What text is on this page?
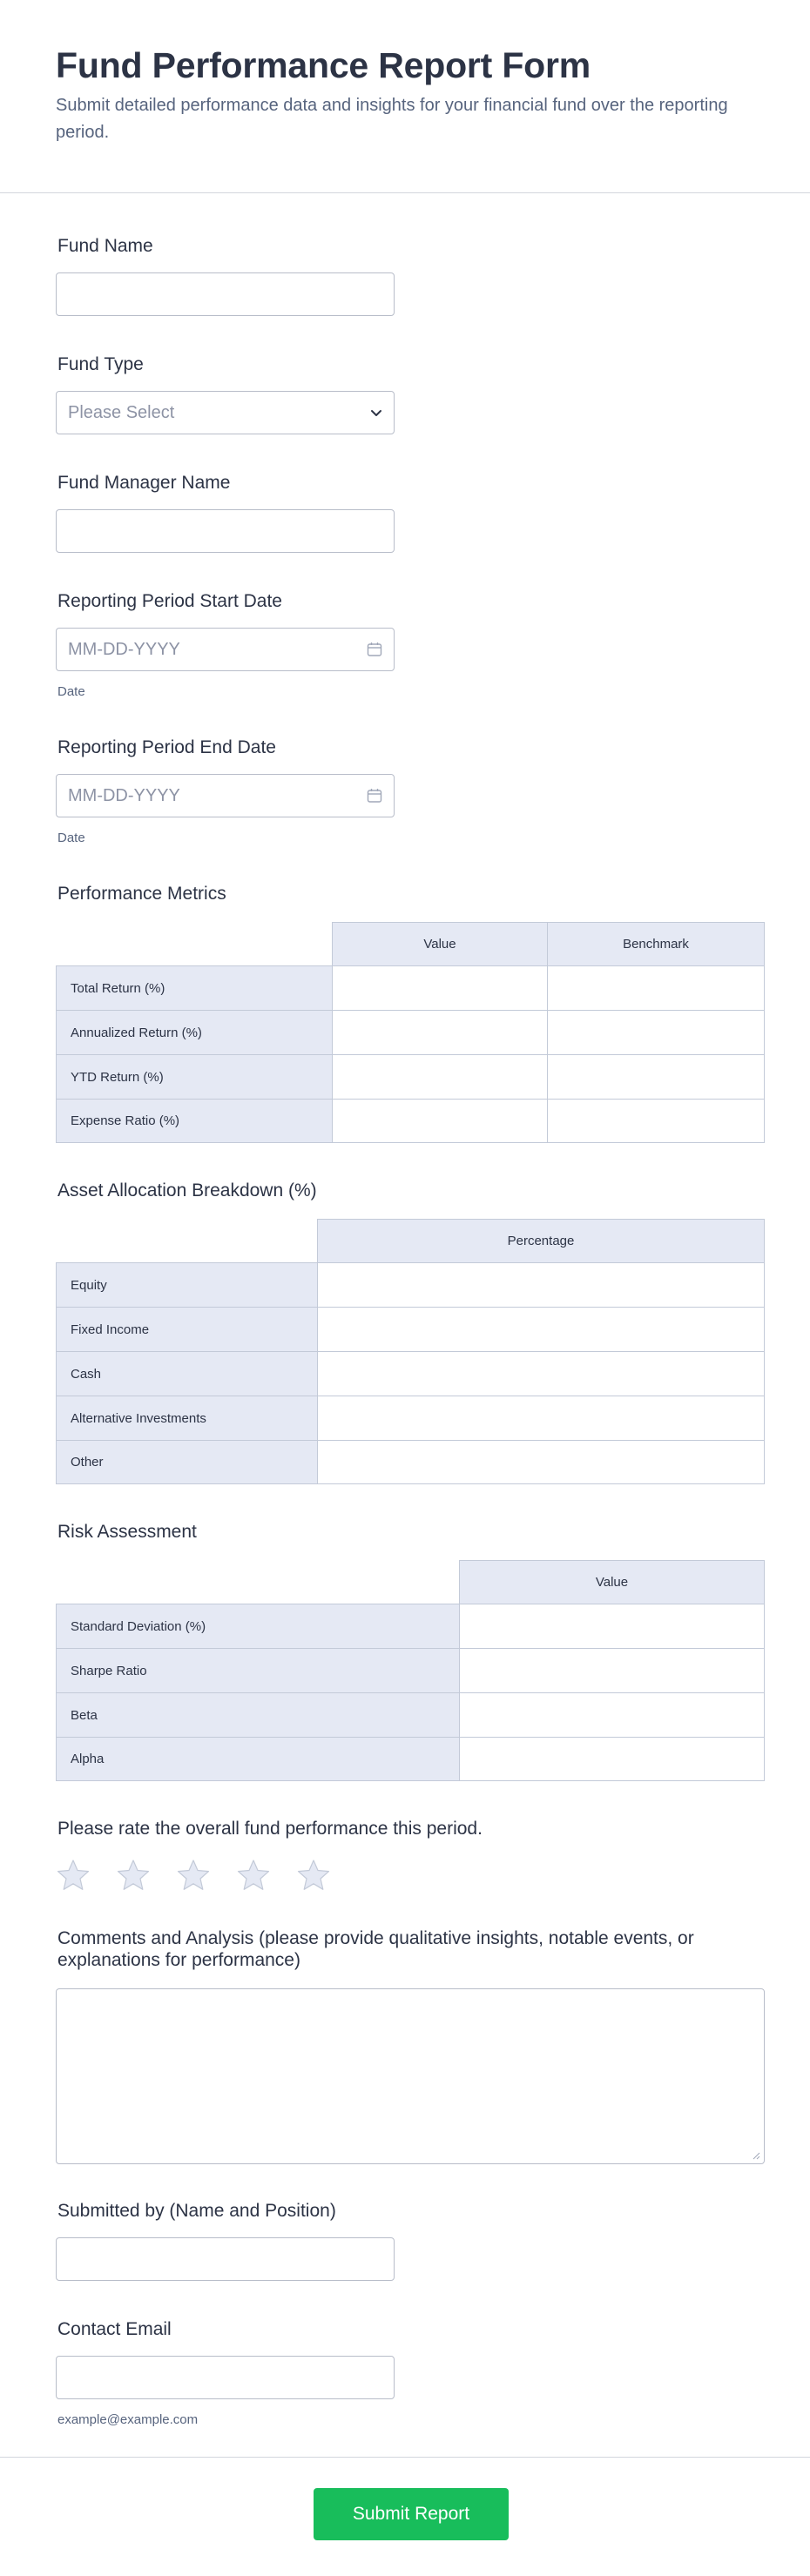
Fund Performance Report Form

Submit detailed performance data and insights for your financial fund over the reporting period.

Fund Name
Fund Type
Please Select
Fund Manager Name
Reporting Period Start Date
MM-DD-YYYY
Date
Reporting Period End Date
MM-DD-YYYY
Date
Performance Metrics
Value	Benchmark
Total Return (%)
Annualized Return (%)
YTD Return (%)
Expense Ratio (%)
Asset Allocation Breakdown (%)
Percentage
Equity
Fixed Income
Cash
Alternative Investments
Other
Risk Assessment
Value
Standard Deviation (%)
Sharpe Ratio
Beta
Alpha
Please rate the overall fund performance this period.
Comments and Analysis (please provide qualitative insights, notable events, or explanations for performance)
Submitted by (Name and Position)
Contact Email
example@example.com
Submit Report
